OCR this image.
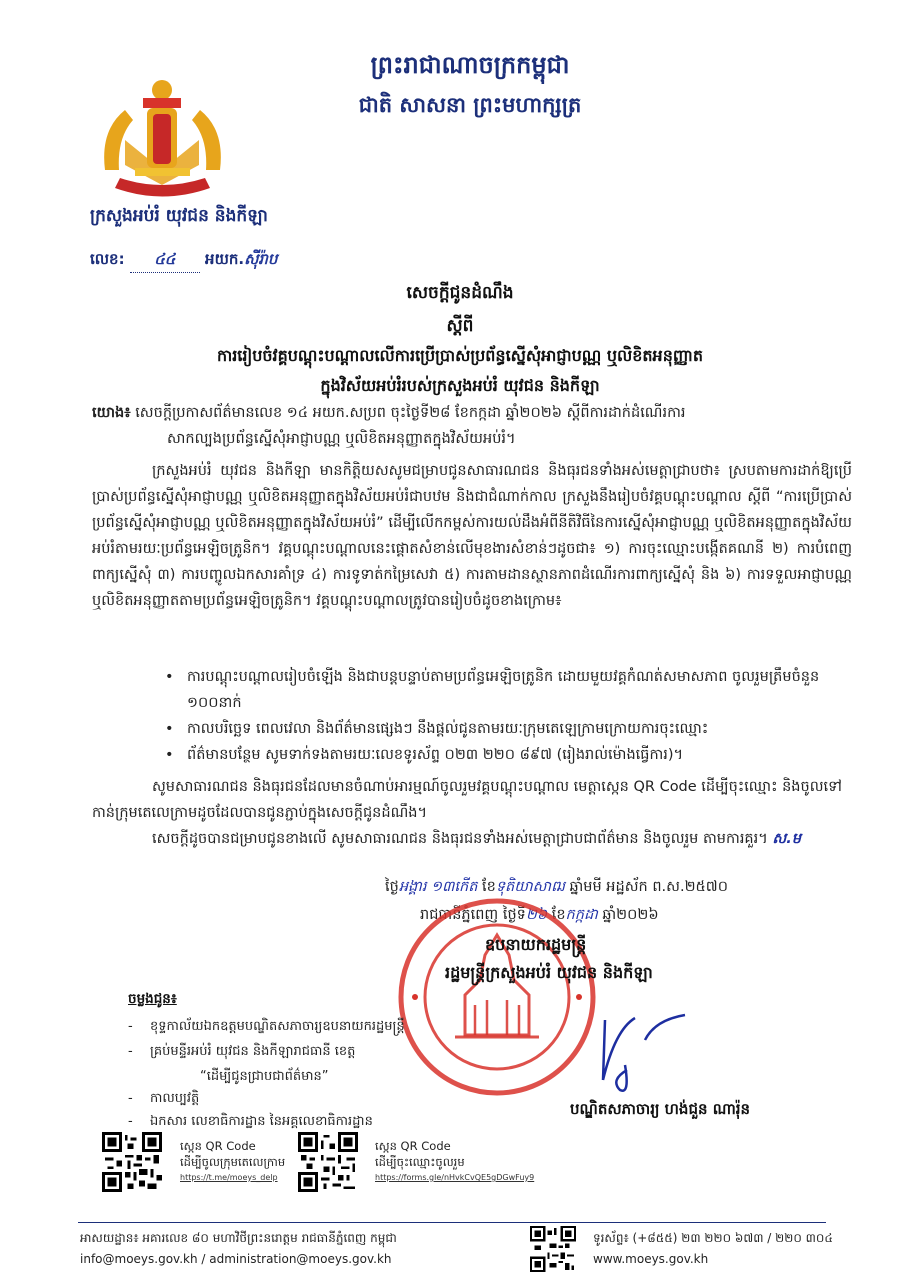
ព្រះរាជាណាចក្រកម្ពុជា
ជាតិ សាសនា ព្រះមហាក្សត្រ
ក្រសួងអប់រំ យុវជន និងកីឡា
លេខ: ៤៤ អយក.ស៊ីរ៉ាប
សេចក្តីជូនដំណឹង
ស្តីពី
ការរៀបចំវគ្គបណ្តុះបណ្តាលលើការប្រើប្រាស់ប្រព័ន្ធស្នើសុំអាជ្ញាបណ្ណ ឬលិខិតអនុញ្ញាត
ក្នុងវិស័យអប់រំរបស់ក្រសួងអប់រំ យុវជន និងកីឡា
យោង៖ សេចក្តីប្រកាសព័ត៌មានលេខ ១៤ អយក.សប្រព ចុះថ្ងៃទី២៨ ខែកក្កដា ឆ្នាំ២០២៦ ស្តីពីការដាក់ដំណើរការ
សាកល្បងប្រព័ន្ធស្នើសុំអាជ្ញាបណ្ណ ឬលិខិតអនុញ្ញាតក្នុងវិស័យអប់រំ។
ក្រសួងអប់រំ យុវជន និងកីឡា មានកិត្តិយសសូមជម្រាបជូនសាធារណជន និងធុរជនទាំងអស់មេត្តាជ្រាបថា៖ ស្របតាមការដាក់ឱ្យប្រើប្រាស់ប្រព័ន្ធស្នើសុំអាជ្ញាបណ្ណ ឬលិខិតអនុញ្ញាតក្នុងវិស័យអប់រំជាបឋម និងជាជំណាក់កាល ក្រសួងនឹងរៀបចំវគ្គបណ្តុះបណ្តាល ស្តីពី “ការប្រើប្រាស់ប្រព័ន្ធស្នើសុំអាជ្ញាបណ្ណ ឬលិខិតអនុញ្ញាតក្នុងវិស័យអប់រំ” ដើម្បីលើកកម្ពស់ការយល់ដឹងអំពីនីតិវិធីនៃការស្នើសុំអាជ្ញាបណ្ណ ឬលិខិតអនុញ្ញាតក្នុងវិស័យអប់រំតាមរយៈប្រព័ន្ធអេឡិចត្រូនិក។ វគ្គបណ្តុះបណ្តាលនេះផ្តោតសំខាន់លើមុខងារសំខាន់ៗដូចជា៖ ១) ការចុះឈ្មោះបង្កើតគណនី ២) ការបំពេញពាក្យស្នើសុំ ៣) ការបញ្ចូលឯកសារគាំទ្រ ៤) ការទូទាត់កម្រៃសេវា ៥) ការតាមដានស្ថានភាពដំណើរការពាក្យស្នើសុំ និង ៦) ការទទួលអាជ្ញាបណ្ណ ឬលិខិតអនុញ្ញាតតាមប្រព័ន្ធអេឡិចត្រូនិក។ វគ្គបណ្តុះបណ្តាលត្រូវបានរៀបចំដូចខាងក្រោម៖
• ការបណ្តុះបណ្តាលរៀបចំឡើង និងជាបន្តបន្ទាប់តាមប្រព័ន្ធអេឡិចត្រូនិក ដោយមួយវគ្គកំណត់សមាសភាព ចូលរួមត្រឹមចំនួន ១០០នាក់
• កាលបរិច្ឆេទ ពេលវេលា និងព័ត៌មានផ្សេងៗ នឹងផ្តល់ជូនតាមរយៈក្រុមតេឡេក្រាមក្រោយការចុះឈ្មោះ
• ព័ត៌មានបន្ថែម សូមទាក់ទងតាមរយៈលេខទូរស័ព្ទ ០២៣ ២២០ ៨៩៧ (រៀងរាល់ម៉ោងធ្វើការ)។
សូមសាធារណជន និងធុរជនដែលមានចំណាប់អារម្មណ៍ចូលរួមវគ្គបណ្តុះបណ្តាល មេត្តាស្កេន QR Code ដើម្បីចុះឈ្មោះ និងចូលទៅកាន់ក្រុមតេលេក្រាមដូចដែលបានជូនភ្ជាប់ក្នុងសេចក្តីជូនដំណឹង។
សេចក្តីដូចបានជម្រាបជូនខាងលើ សូមសាធារណជន និងធុរជនទាំងអស់មេត្តាជ្រាបជាព័ត៌មាន និងចូលរួម តាមការគួរ។ ស.ម
ថ្ងៃអង្គារ ១៣កើត ខែទុតិយាសាឍ ឆ្នាំមមី អដ្ឋស័ក ព.ស.២៥៧០
រាជធានីភ្នំពេញ ថ្ងៃទី២៦ ខែកក្កដា ឆ្នាំ២០២៦
ឧបនាយករដ្ឋមន្ត្រី
រដ្ឋមន្ត្រីក្រសួងអប់រំ យុវជន និងកីឡា
បណ្ឌិតសភាចារ្យ ហង់ជួន ណារ៉ុន
ចម្លងជូន៖
- ខុទ្ទកាល័យឯកឧត្តមបណ្ឌិតសភាចារ្យឧបនាយករដ្ឋមន្ត្រី
- គ្រប់មន្ទីរអប់រំ យុវជន និងកីឡារាជធានី ខេត្ត
“ដើម្បីជូនជ្រាបជាព័ត៌មាន”
- កាលប្បវត្តិ
- ឯកសារ លេខាធិការដ្ឋាន នៃអគ្គលេខាធិការដ្ឋាន
ស្កេន QR Code
ដើម្បីចូលក្រុមតេលេក្រាម
https://t.me/moeys_delp
ស្កេន QR Code
ដើម្បីចុះឈ្មោះចូលរួម
https://forms.gle/nHvkCvQE5gDGwFuy9
អាសយដ្ឋាន៖ អគារលេខ ៨០ មហាវិថីព្រះនរោត្តម រាជធានីភ្នំពេញ កម្ពុជា
info@moeys.gov.kh / administration@moeys.gov.kh
ទូរស័ព្ទ៖ (+៨៥៥) ២៣ ២២០ ៦៧៣ / ២២០ ៣០៤
www.moeys.gov.kh
